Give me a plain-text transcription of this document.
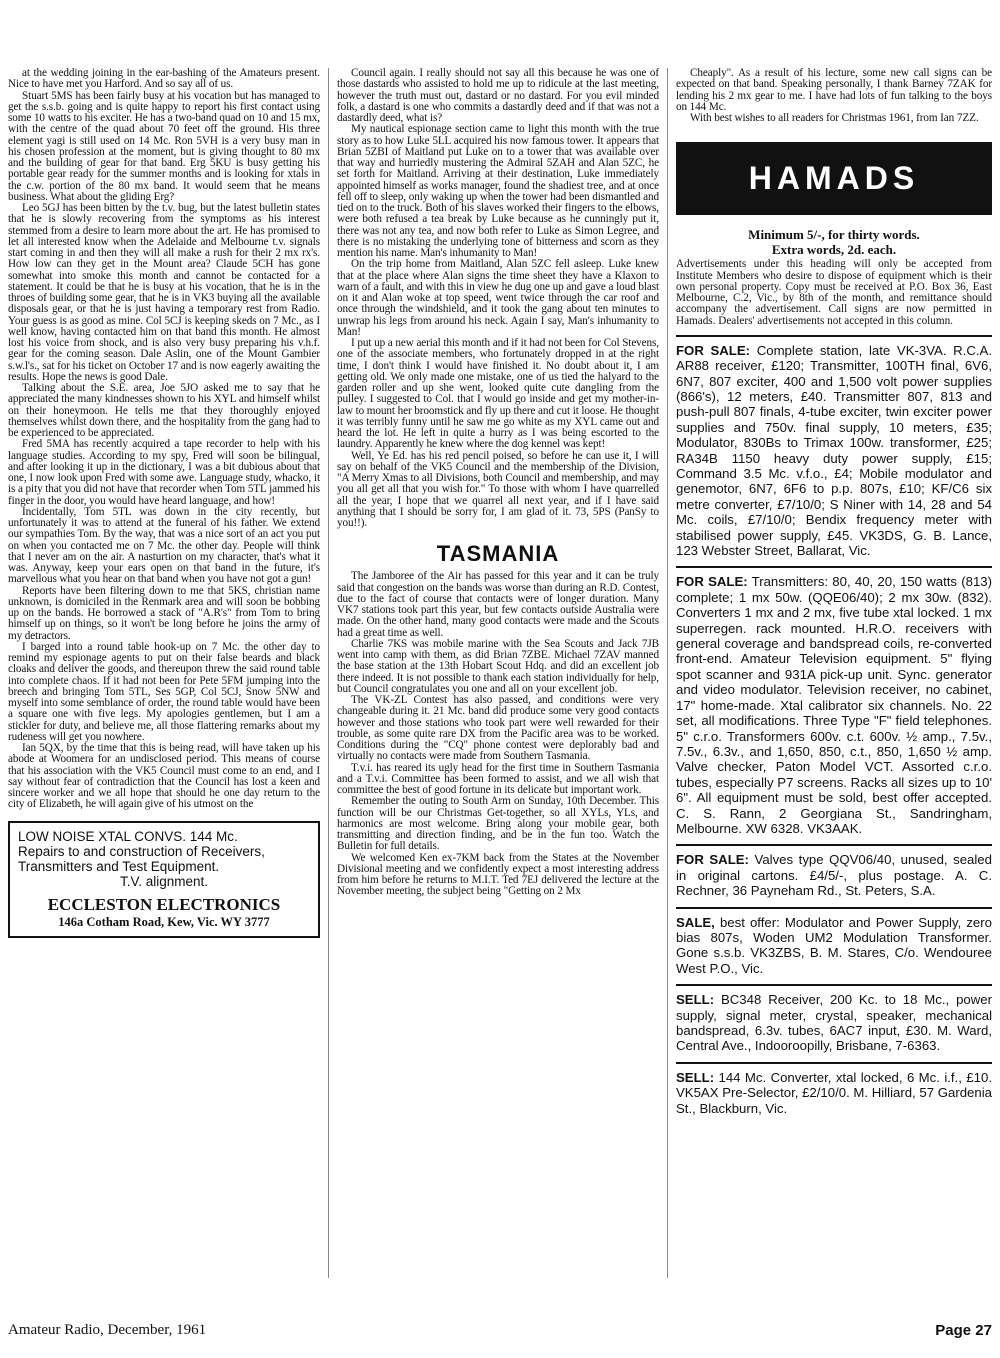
at the wedding joining in the ear-bashing of the Amateurs present. Nice to have met you Harford. And so say all of us.

Stuart 5MS has been fairly busy at his vocation but has managed to get the s.s.b. going and is quite happy to report his first contact using some 10 watts to his exciter. He has a two-band quad on 10 and 15 mx, with the centre of the quad about 70 feet off the ground. His three element yagi is still used on 14 Mc. Ron 5VH is a very busy man in his chosen profession at the moment, but is giving thought to 80 mx and the building of gear for that band. Erg 5KU is busy getting his portable gear ready for the summer months and is looking for xtals in the c.w. portion of the 80 mx band. It would seem that he means business. What about the gliding Erg?

Leo 5GJ has been bitten by the t.v. bug, but the latest bulletin states that he is slowly recovering from the symptoms as his interest stemmed from a desire to learn more about the art. He has promised to let all interested know when the Adelaide and Melbourne t.v. signals start coming in and then they will all make a rush for their 2 mx rx's. How low can they get in the Mount area? Claude 5CH has gone somewhat into smoke this month and cannot be contacted for a statement. It could be that he is busy at his vocation, that he is in the throes of building some gear, that he is in VK3 buying all the available disposals gear, or that he is just having a temporary rest from Radio. Your guess is as good as mine. Col 5CJ is keeping skeds on 7 Mc., as I well know, having contacted him on that band this month. He almost lost his voice from shock, and is also very busy preparing his v.h.f. gear for the coming season. Dale Aslin, one of the Mount Gambier s.w.l's., sat for his ticket on October 17 and is now eagerly awaiting the results. Hope the news is good Dale.

Talking about the S.E. area, Joe 5JO asked me to say that he appreciated the many kindnesses shown to his XYL and himself whilst on their honeymoon. He tells me that they thoroughly enjoyed themselves whilst down there, and the hospitality from the gang had to be experienced to be appreciated.

Fred 5MA has recently acquired a tape recorder to help with his language studies. According to my spy, Fred will soon be bilingual, and after looking it up in the dictionary, I was a bit dubious about that one, I now look upon Fred with some awe. Language study, whacko, it is a pity that you did not have that recorder when Tom 5TL jammed his finger in the door, you would have heard language, and how!

Incidentally, Tom 5TL was down in the city recently, but unfortunately it was to attend at the funeral of his father. We extend our sympathies Tom. By the way, that was a nice sort of an act you put on when you contacted me on 7 Mc. the other day. People will think that I never am on the air. A nasturtion on my character, that's what it was. Anyway, keep your ears open on that band in the future, it's marvellous what you hear on that band when you have not got a gun!

Reports have been filtering down to me that 5KS, christian name unknown, is domiciled in the Renmark area and will soon be bobbing up on the bands. He borrowed a stack of "A.R's" from Tom to bring himself up on things, so it won't be long before he joins the army of my detractors.

I barged into a round table hook-up on 7 Mc. the other day to remind my espionage agents to put on their false beards and black cloaks and deliver the goods, and thereupon threw the said round table into complete chaos. If it had not been for Pete 5FM jumping into the breech and bringing Tom 5TL, Ses 5GP, Col 5CJ, Snow 5NW and myself into some semblance of order, the round table would have been a square one with five legs. My apologies gentlemen, but I am a stickler for duty, and believe me, all those flattering remarks about my rudeness will get you nowhere.

Ian 5QX, by the time that this is being read, will have taken up his abode at Woomera for an undisclosed period. This means of course that his association with the VK5 Council must come to an end, and I say without fear of contradiction that the Council has lost a keen and sincere worker and we all hope that should he one day return to the city of Elizabeth, he will again give of his utmost on the

LOW NOISE XTAL CONVS. 144 Mc.
Repairs to and construction of Receivers, Transmitters and Test Equipment.
T.V. alignment.
ECCLESTON ELECTRONICS
146a Cotham Road, Kew, Vic. WY 3777

Council again. I really should not say all this because he was one of those dastards who assisted to hold me up to ridicule at the last meeting, however the truth must out, dastard or no dastard. For you evil minded folk, a dastard is one who commits a dastardly deed and if that was not a dastardly deed, what is?

My nautical espionage section came to light this month with the true story as to how Luke 5LL acquired his now famous tower. It appears that Brian 5ZBI of Maitland put Luke on to a tower that was available over that way and hurriedly mustering the Admiral 5ZAH and Alan 5ZC, he set forth for Maitland. Arriving at their destination, Luke immediately appointed himself as works manager, found the shadiest tree, and at once fell off to sleep, only waking up when the tower had been dismantled and tied on to the truck. Both of his slaves worked their fingers to the elbows, were both refused a tea break by Luke because as he cunningly put it, there was not any tea, and now both refer to Luke as Simon Legree, and there is no mistaking the underlying tone of bitterness and scorn as they mention his name. Man's inhumanity to Man!

On the trip home from Maitland, Alan 5ZC fell asleep. Luke knew that at the place where Alan signs the time sheet they have a Klaxon to warn of a fault, and with this in view he dug one up and gave a loud blast on it and Alan woke at top speed, went twice through the car roof and once through the windshield, and it took the gang about ten minutes to unwrap his legs from around his neck. Again I say, Man's inhumanity to Man!

I put up a new aerial this month and if it had not been for Col Stevens, one of the associate members, who fortunately dropped in at the right time, I don't think I would have finished it. No doubt about it, I am getting old. We only made one mistake, one of us tied the halyard to the garden roller and up she went, looked quite cute dangling from the pulley. I suggested to Col. that I would go inside and get my mother-in-law to mount her broomstick and fly up there and cut it loose. He thought it was terribly funny until he saw me go white as my XYL came out and heard the lot. He left in quite a hurry as I was being escorted to the laundry. Apparently he knew where the dog kennel was kept!

Well, Ye Ed. has his red pencil poised, so before he can use it, I will say on behalf of the VK5 Council and the membership of the Division, "A Merry Xmas to all Divisions, both Council and membership, and may you all get all that you wish for." To those with whom I have quarrelled all the year, I hope that we quarrel all next year, and if I have said anything that I should be sorry for, I am glad of it. 73, 5PS (PanSy to you!!).

TASMANIA

The Jamboree of the Air has passed for this year and it can be truly said that congestion on the bands was worse than during an R.D. Contest, due to the fact of course that contacts were of longer duration. Many VK7 stations took part this year, but few contacts outside Australia were made. On the other hand, many good contacts were made and the Scouts had a great time as well.

Charlie 7KS was mobile marine with the Sea Scouts and Jack 7JB went into camp with them, as did Brian 7ZBE. Michael 7ZAV manned the base station at the 13th Hobart Scout Hdq. and did an excellent job there indeed. It is not possible to thank each station individually for help, but Council congratulates you one and all on your excellent job.

The VK-ZL Contest has also passed, and conditions were very changeable during it. 21 Mc. band did produce some very good contacts however and those stations who took part were well rewarded for their trouble, as some quite rare DX from the Pacific area was to be worked. Conditions during the "CQ" phone contest were deplorably bad and virtually no contacts were made from Southern Tasmania.

T.v.i. has reared its ugly head for the first time in Southern Tasmania and a T.v.i. Committee has been formed to assist, and we all wish that committee the best of good fortune in its delicate but important work.

Remember the outing to South Arm on Sunday, 10th December. This function will be our Christmas Get-together, so all XYLs, YLs, and harmonics are most welcome. Bring along your mobile gear, both transmitting and direction finding, and be in the fun too. Watch the Bulletin for full details.

We welcomed Ken ex-7KM back from the States at the November Divisional meeting and we confidently expect a most interesting address from him before he returns to M.I.T. Ted 7EJ delivered the lecture at the November meeting, the subject being "Getting on 2 Mx

Cheaply". As a result of his lecture, some new call signs can be expected on that band. Speaking personally, I thank Barney 7ZAK for lending his 2 mx gear to me. I have had lots of fun talking to the boys on 144 Mc.

With best wishes to all readers for Christmas 1961, from Ian 7ZZ.

HAMADS
Minimum 5/-, for thirty words.
Extra words, 2d. each.
Advertisements under this heading will only be accepted from Institute Members who desire to dispose of equipment which is their own personal property. Copy must be received at P.O. Box 36, East Melbourne, C.2, Vic., by 8th of the month, and remittance should accompany the advertisement. Call signs are now permitted in Hamads. Dealers' advertisements not accepted in this column.
FOR SALE: Complete station, late VK-3VA. R.C.A. AR88 receiver, £120; Transmitter, 100TH final, 6V6, 6N7, 807 exciter, 400 and 1,500 volt power supplies (866's), 12 meters, £40. Transmitter 807, 813 and push-pull 807 finals, 4-tube exciter, twin exciter power supplies and 750v. final supply, 10 meters, £35; Modulator, 830Bs to Trimax 100w. transformer, £25; RA34B 1150 heavy duty power supply, £15; Command 3.5 Mc. v.f.o., £4; Mobile modulator and genemotor, 6N7, 6F6 to p.p. 807s, £10; KF/C6 six metre converter, £7/10/0; S Niner with 14, 28 and 54 Mc. coils, £7/10/0; Bendix frequency meter with stabilised power supply, £45. VK3DS, G. B. Lance, 123 Webster Street, Ballarat, Vic.
FOR SALE: Transmitters: 80, 40, 20, 150 watts (813) complete; 1 mx 50w. (QQE06/40); 2 mx 30w. (832). Converters 1 mx and 2 mx, five tube xtal locked. 1 mx superregen. rack mounted. H.R.O. receivers with general coverage and bandspread coils, re-converted front-end. Amateur Television equipment. 5" flying spot scanner and 931A pick-up unit. Sync. generator and video modulator. Television receiver, no cabinet, 17" home-made. Xtal calibrator six channels. No. 22 set, all modifications. Three Type "F" field telephones. 5" c.r.o. Transformers 600v. c.t. 600v. ½ amp., 7.5v., 7.5v., 6.3v., and 1,650, 850, c.t., 850, 1,650 ½ amp. Valve checker, Paton Model VCT. Assorted c.r.o. tubes, especially P7 screens. Racks all sizes up to 10' 6". All equipment must be sold, best offer accepted. C. S. Rann, 2 Georgiana St., Sandringham, Melbourne. XW 6328. VK3AAK.
FOR SALE: Valves type QQV06/40, unused, sealed in original cartons. £4/5/-, plus postage. A. C. Rechner, 36 Payneham Rd., St. Peters, S.A.
SALE, best offer: Modulator and Power Supply, zero bias 807s, Woden UM2 Modulation Transformer. Gone s.s.b. VK3ZBS, B. M. Stares, C/o. Wendouree West P.O., Vic.
SELL: BC348 Receiver, 200 Kc. to 18 Mc., power supply, signal meter, crystal, speaker, mechanical bandspread, 6.3v. tubes, 6AC7 input, £30. M. Ward, Central Ave., Indooroopilly, Brisbane, 7-6363.
SELL: 144 Mc. Converter, xtal locked, 6 Mc. i.f., £10. VK5AX Pre-Selector, £2/10/0. M. Hilliard, 57 Gardenia St., Blackburn, Vic.
Amateur Radio, December, 1961	Page 27
